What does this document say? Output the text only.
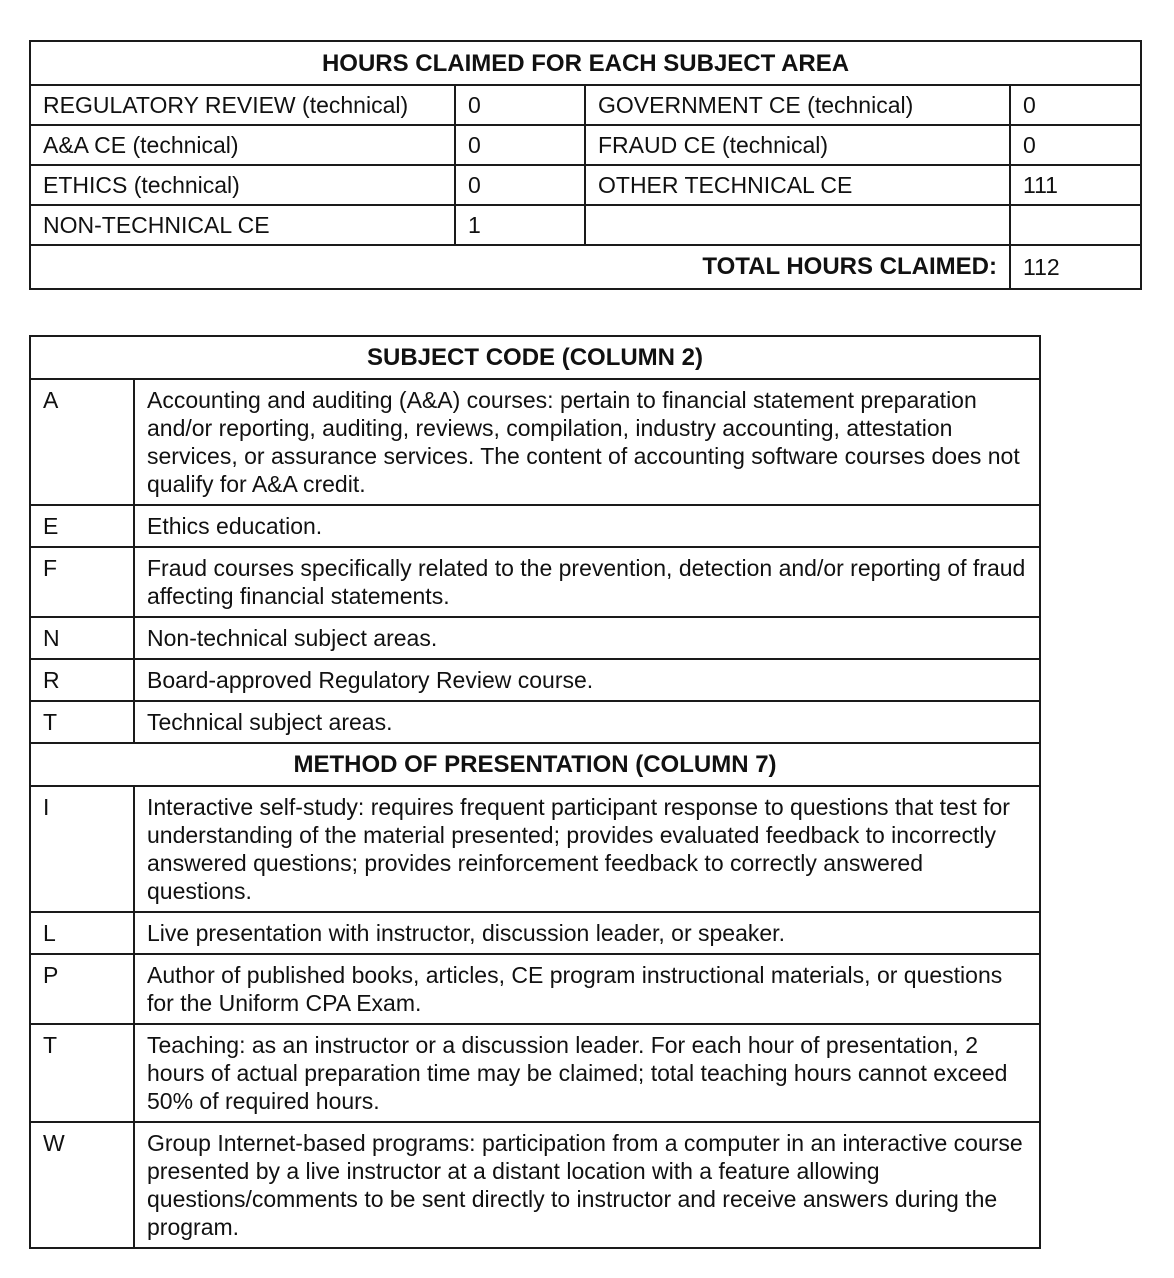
HOURS CLAIMED FOR EACH SUBJECT AREA			
REGULATORY REVIEW (technical)	0	GOVERNMENT CE (technical)	0
A&A CE (technical)	0	FRAUD CE (technical)	0
ETHICS (technical)	0	OTHER TECHNICAL CE	111
NON-TECHNICAL CE	1		
TOTAL HOURS CLAIMED:			112
SUBJECT CODE (COLUMN 2)	
A	Accounting and auditing (A&A) courses: pertain to financial statement preparation and/or reporting, auditing, reviews, compilation, industry accounting, attestation services, or assurance services. The content of accounting software courses does not qualify for A&A credit.
E	Ethics education.
F	Fraud courses specifically related to the prevention, detection and/or reporting of fraud affecting financial statements.
N	Non-technical subject areas.
R	Board-approved Regulatory Review course.
T	Technical subject areas.
METHOD OF PRESENTATION (COLUMN 7)	
I	Interactive self-study: requires frequent participant response to questions that test for understanding of the material presented; provides evaluated feedback to incorrectly answered questions; provides reinforcement feedback to correctly answered questions.
L	Live presentation with instructor, discussion leader, or speaker.
P	Author of published books, articles, CE program instructional materials, or questions for the Uniform CPA Exam.
T	Teaching: as an instructor or a discussion leader. For each hour of presentation, 2 hours of actual preparation time may be claimed; total teaching hours cannot exceed 50% of required hours.
W	Group Internet-based programs: participation from a computer in an interactive course presented by a live instructor at a distant location with a feature allowing questions/comments to be sent directly to instructor and receive answers during the program.
